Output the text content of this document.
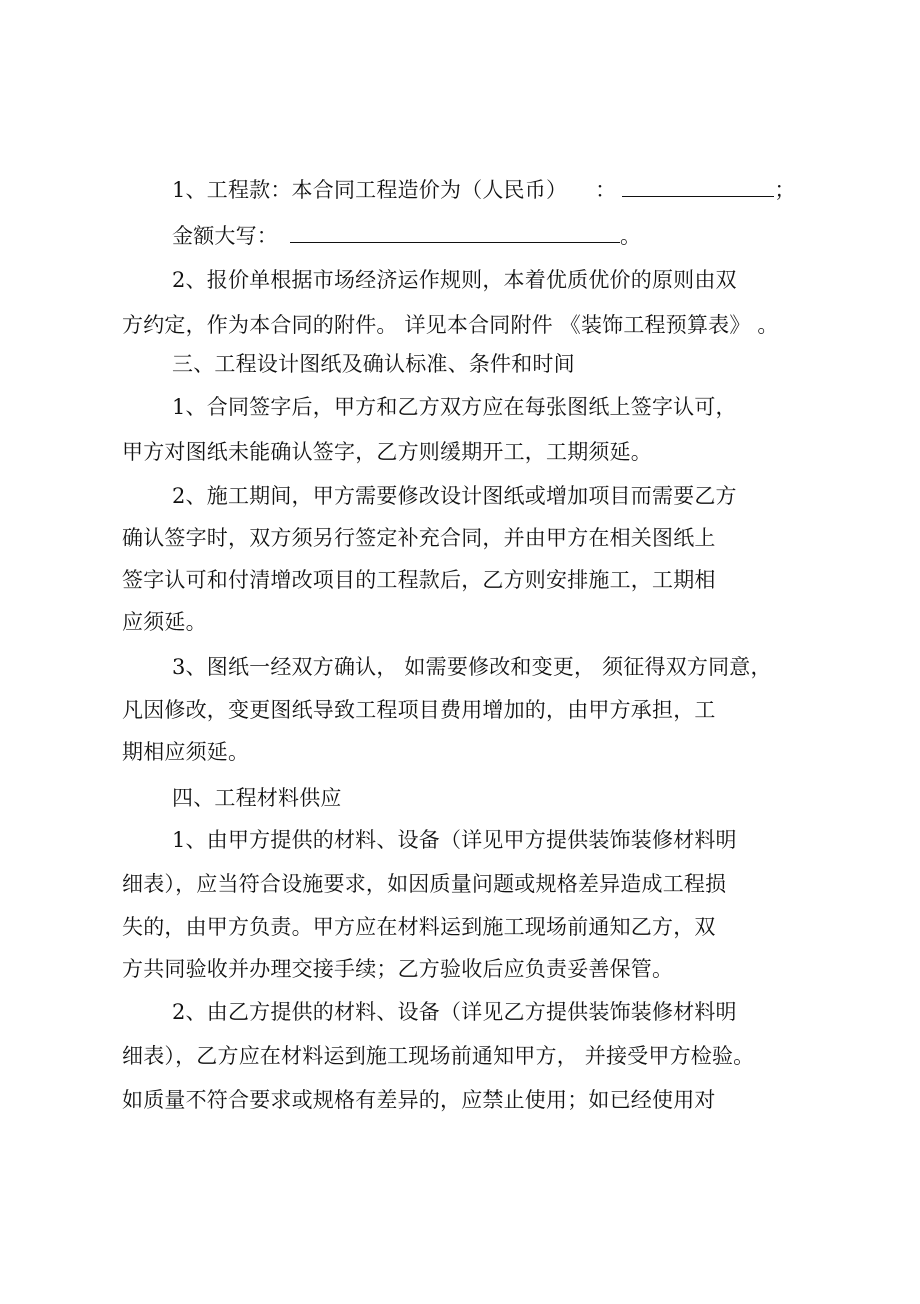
1、工程款：本合同工程造价为（人民币） ：	；
金额大写：	。
2、报价单根据市场经济运作规则，本着优质优价的原则由双
方约定，作为本合同的附件。 详见本合同附件 《装饰工程预算表》 。
三、工程设计图纸及确认标准、条件和时间
1、合同签字后，甲方和乙方双方应在每张图纸上签字认可，
甲方对图纸未能确认签字，乙方则缓期开工，工期须延。
2、施工期间，甲方需要修改设计图纸或增加项目而需要乙方
确认签字时，双方须另行签定补充合同，并由甲方在相关图纸上
签字认可和付清增改项目的工程款后，乙方则安排施工，工期相
应须延。
3、图纸一经双方确认， 如需要修改和变更， 须征得双方同意，
凡因修改，变更图纸导致工程项目费用增加的，由甲方承担，工
期相应须延。
四、工程材料供应
1、由甲方提供的材料、设备（详见甲方提供装饰装修材料明
细表），应当符合设施要求，如因质量问题或规格差异造成工程损
失的，由甲方负责。甲方应在材料运到施工现场前通知乙方，双
方共同验收并办理交接手续；乙方验收后应负责妥善保管。
2、由乙方提供的材料、设备（详见乙方提供装饰装修材料明
细表），乙方应在材料运到施工现场前通知甲方， 并接受甲方检验。
如质量不符合要求或规格有差异的，应禁止使用；如已经使用对
